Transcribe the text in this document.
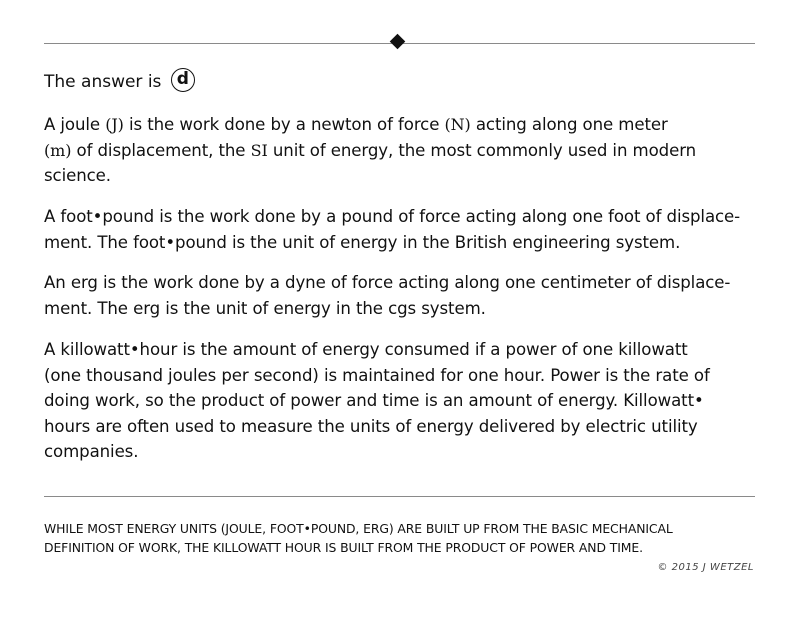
The answer is d
A joule (J) is the work done by a newton of force (N) acting along one meter
(m) of displacement, the SI unit of energy, the most commonly used in modern
science.
A foot•pound is the work done by a pound of force acting along one foot of displace-
ment. The foot•pound is the unit of energy in the British engineering system.
An erg is the work done by a dyne of force acting along one centimeter of displace-
ment. The erg is the unit of energy in the cgs system.
A killowatt•hour is the amount of energy consumed if a power of one killowatt
(one thousand joules per second) is maintained for one hour. Power is the rate of
doing work, so the product of power and time is an amount of energy. Killowatt•
hours are often used to measure the units of energy delivered by electric utility
companies.
WHILE MOST ENERGY UNITS (JOULE, FOOT•POUND, ERG) ARE BUILT UP FROM THE BASIC MECHANICAL
DEFINITION OF WORK, THE KILLOWATT HOUR IS BUILT FROM THE PRODUCT OF POWER AND TIME.
© 2015 J WETZEL
